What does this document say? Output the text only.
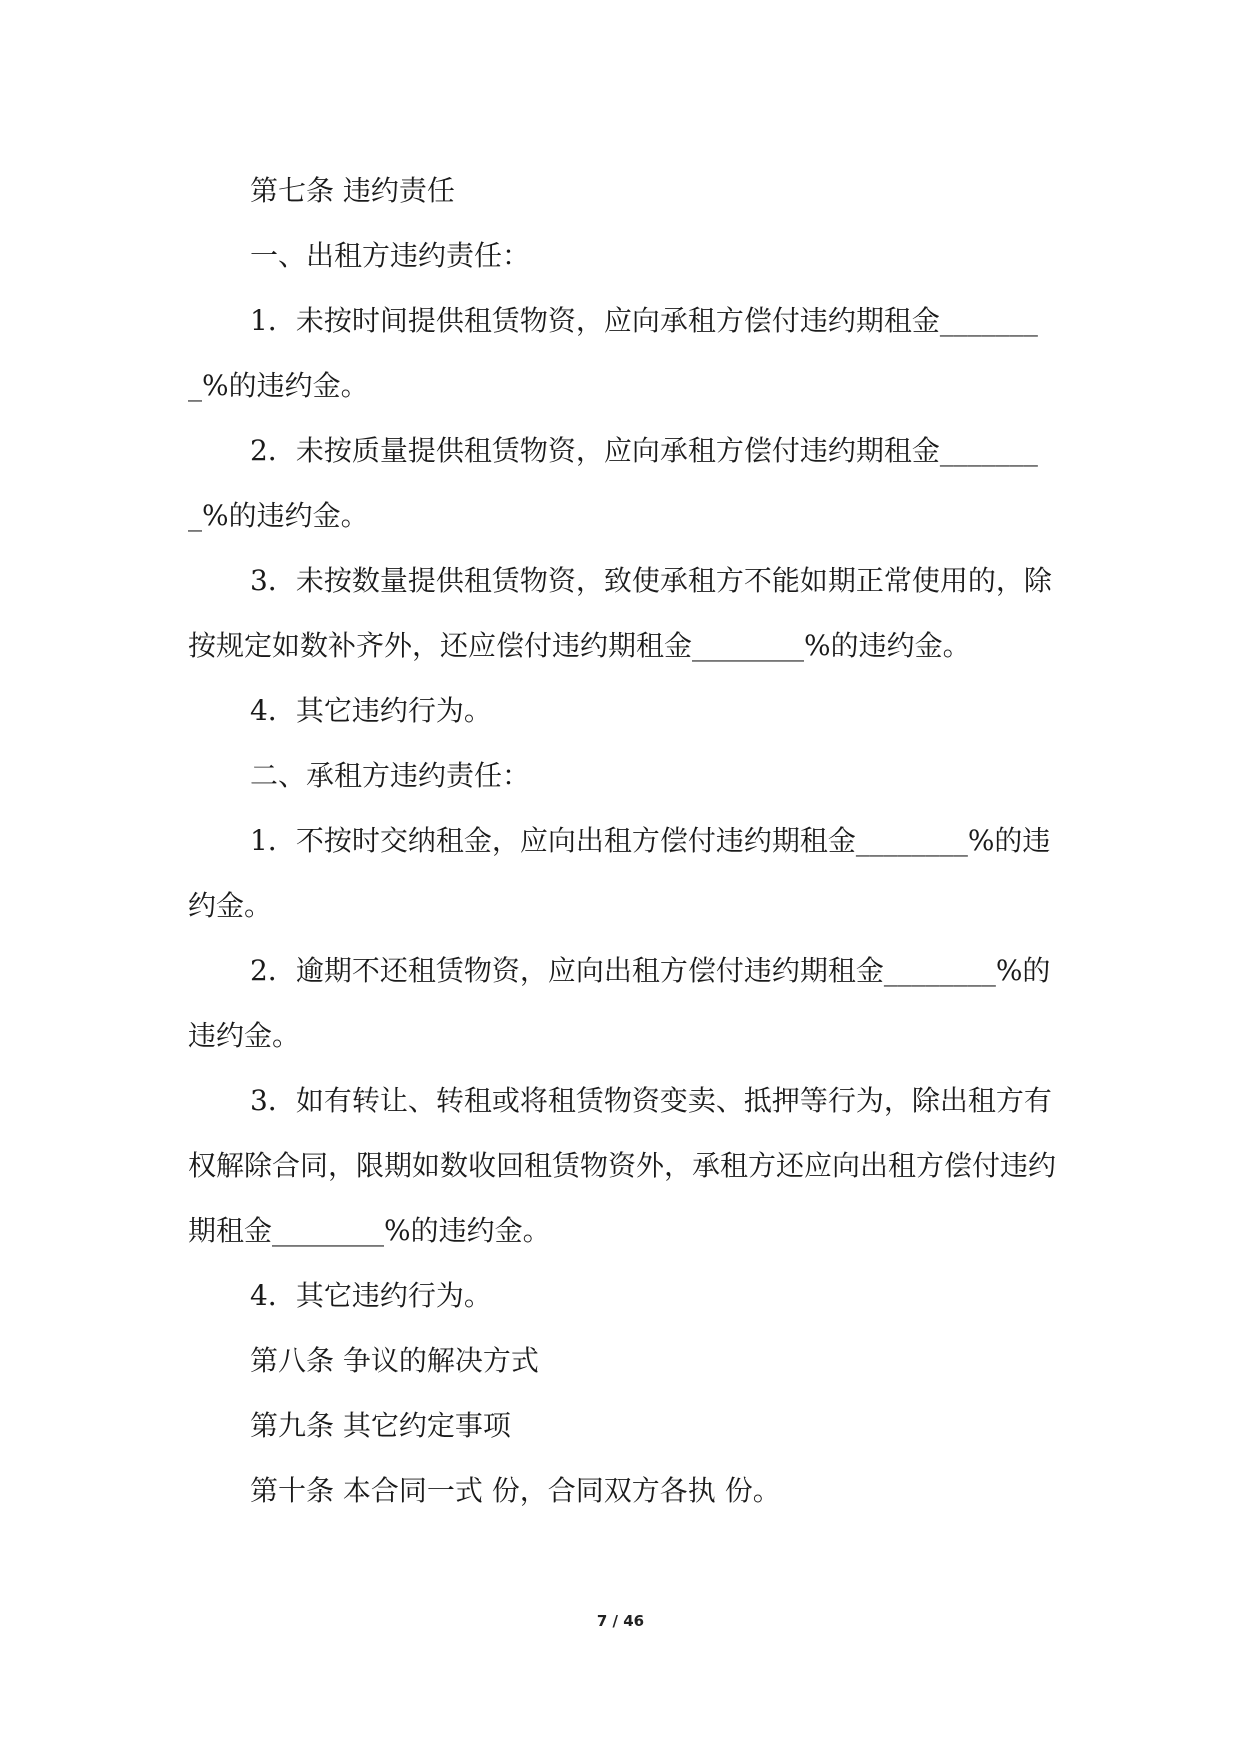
第七条 违约责任

一、出租方违约责任：

1．未按时间提供租赁物资，应向承租方偿付违约期租金________%的违约金。

2．未按质量提供租赁物资，应向承租方偿付违约期租金________%的违约金。

3．未按数量提供租赁物资，致使承租方不能如期正常使用的，除按规定如数补齐外，还应偿付违约期租金________%的违约金。

4．其它违约行为。

二、承租方违约责任：

1．不按时交纳租金，应向出租方偿付违约期租金________%的违约金。

2．逾期不还租赁物资，应向出租方偿付违约期租金________%的违约金。

3．如有转让、转租或将租赁物资变卖、抵押等行为，除出租方有权解除合同，限期如数收回租赁物资外，承租方还应向出租方偿付违约期租金________%的违约金。

4．其它违约行为。

第八条 争议的解决方式

第九条 其它约定事项

第十条 本合同一式 份，合同双方各执 份。

7 / 46
